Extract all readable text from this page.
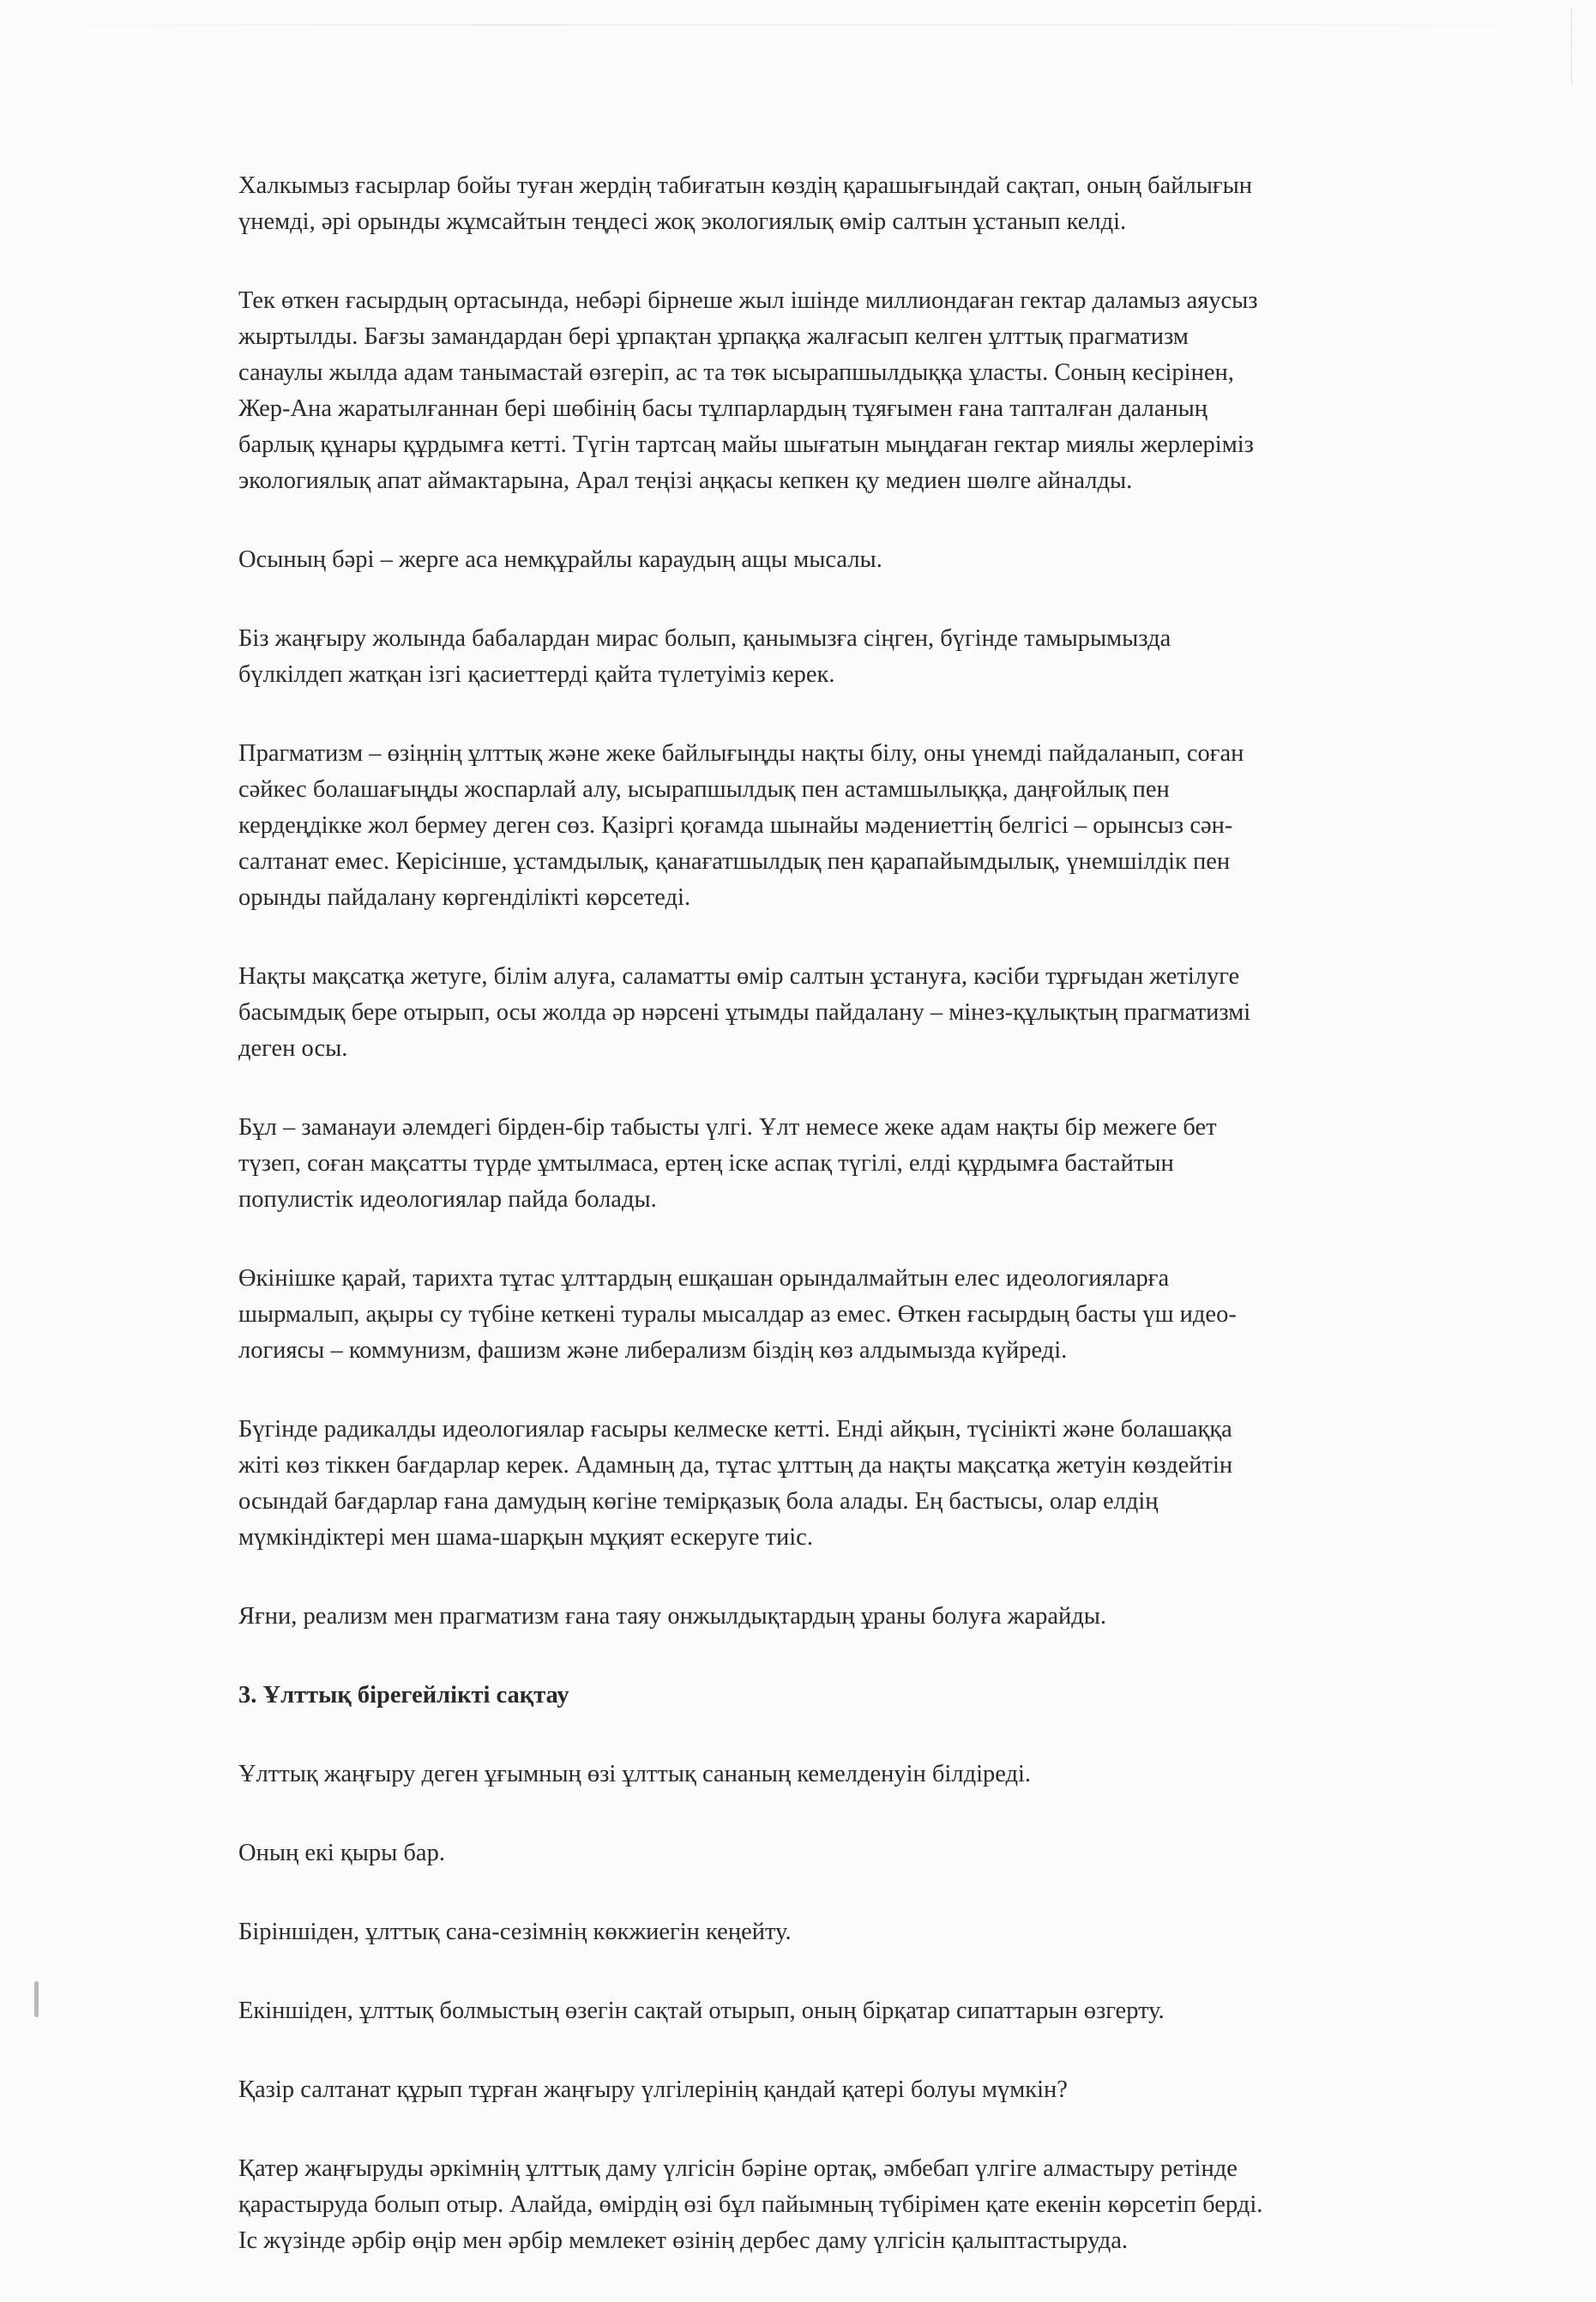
Халкымыз ғасырлар бойы туған жердің табиғатын көздің қарашығындай сақтап, оның байлығын
үнемді, әрі орынды жұмсайтын теңдесі жоқ экологиялық өмір салтын ұстанып келді.
Тек өткен ғасырдың ортасында, небәрі бірнеше жыл ішінде миллиондаған гектар даламыз аяусыз
жыртылды. Бағзы замандардан бері ұрпақтан ұрпаққа жалғасып келген ұлттық прагматизм
санаулы жылда адам танымастай өзгеріп, ас та төк ысырапшылдыққа ұласты. Соның кесірінен,
Жер-Ана жаратылғаннан бері шөбінің басы тұлпарлардың тұяғымен ғана тапталған даланың
барлық құнары құрдымға кетті. Түгін тартсаң майы шығатын мыңдаған гектар миялы жерлеріміз
экологиялық апат аймактарына, Арал теңізі аңқасы кепкен қу медиен шөлге айналды.
Осының бәрі – жерге аса немқұрайлы караудың ащы мысалы.
Біз жаңғыру жолында бабалардан мирас болып, қанымызға сіңген, бүгінде тамырымызда
бүлкілдеп жатқан ізгі қасиеттерді қайта түлетуіміз керек.
Прагматизм – өзіңнің ұлттық және жеке байлығыңды нақты білу, оны үнемді пайдаланып, соған
сәйкес болашағыңды жоспарлай алу, ысырапшылдық пен астамшылыққа, даңғойлық пен
кердеңдікке жол бермеу деген сөз. Қазіргі қоғамда шынайы мәдениеттің белгісі – орынсыз сән-
салтанат емес. Керісінше, ұстамдылық, қанағатшылдық пен қарапайымдылық, үнемшілдік пен
орынды пайдалану көргенділікті көрсетеді.
Нақты мақсатқа жетуге, білім алуға, саламатты өмір салтын ұстануға, кәсіби тұрғыдан жетілуге
басымдық бере отырып, осы жолда әр нәрсені ұтымды пайдалану – мінез-құлықтың прагматизмі
деген осы.
Бұл – заманауи әлемдегі бірден-бір табысты үлгі. Ұлт немесе жеке адам нақты бір межеге бет
түзеп, соған мақсатты түрде ұмтылмаса, ертең іске аспақ түгілі, елді құрдымға бастайтын
популистік идеологиялар пайда болады.
Өкінішке қарай, тарихта тұтас ұлттардың ешқашан орындалмайтын елес идеологияларға
шырмалып, ақыры су түбіне кеткені туралы мысалдар аз емес. Өткен ғасырдың басты үш идео-
логиясы – коммунизм, фашизм және либерализм біздің көз алдымызда күйреді.
Бүгінде радикалды идеологиялар ғасыры келмеске кетті. Енді айқын, түсінікті және болашаққа
жіті көз тіккен бағдарлар керек. Адамның да, тұтас ұлттың да нақты мақсатқа жетуін көздейтін
осындай бағдарлар ғана дамудың көгіне темірқазық бола алады. Ең бастысы, олар елдің
мүмкіндіктері мен шама-шарқын мұқият ескеруге тиіс.
Яғни, реализм мен прагматизм ғана таяу онжылдықтардың ұраны болуға жарайды.
3. Ұлттық бірегейлікті сақтау
Ұлттық жаңғыру деген ұғымның өзі ұлттық сананың кемелденуін білдіреді.
Оның екі қыры бар.
Біріншіден, ұлттық сана-сезімнің көкжиегін кеңейту.
Екіншіден, ұлттық болмыстың өзегін сақтай отырып, оның бірқатар сипаттарын өзгерту.
Қазір салтанат құрып тұрған жаңғыру үлгілерінің қандай қатері болуы мүмкін?
Қатер жаңғыруды әркімнің ұлттық даму үлгісін бәріне ортақ, әмбебап үлгіге алмастыру ретінде
қарастыруда болып отыр. Алайда, өмірдің өзі бұл пайымның түбірімен қате екенін көрсетіп берді.
Іс жүзінде әрбір өңір мен әрбір мемлекет өзінің дербес даму үлгісін қалыптастыруда.
